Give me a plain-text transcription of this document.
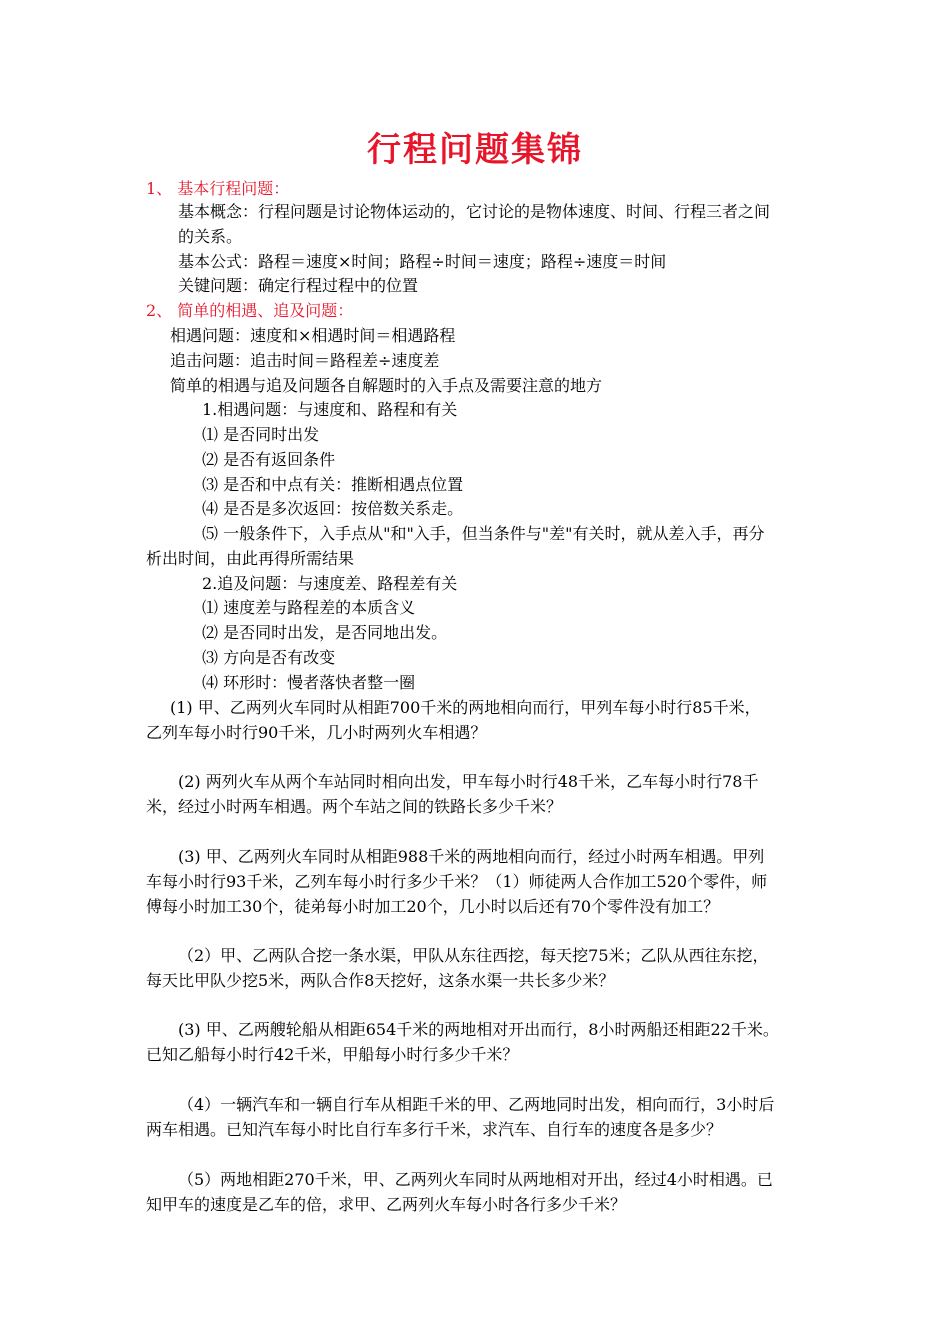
行程问题集锦
1、 基本行程问题：
基本概念：行程问题是讨论物体运动的，它讨论的是物体速度、时间、行程三者之间
的关系。
基本公式：路程＝速度×时间；路程÷时间＝速度；路程÷速度＝时间
关键问题：确定行程过程中的位置
2、 简单的相遇、追及问题：
相遇问题：速度和×相遇时间＝相遇路程
追击问题：追击时间＝路程差÷速度差
简单的相遇与追及问题各自解题时的入手点及需要注意的地方
1.相遇问题：与速度和、路程和有关
⑴ 是否同时出发
⑵ 是否有返回条件
⑶ 是否和中点有关：推断相遇点位置
⑷ 是否是多次返回：按倍数关系走。
⑸ 一般条件下，入手点从"和"入手，但当条件与"差"有关时，就从差入手，再分
析出时间，由此再得所需结果
2.追及问题：与速度差、路程差有关
⑴ 速度差与路程差的本质含义
⑵ 是否同时出发，是否同地出发。
⑶ 方向是否有改变
⑷ 环形时：慢者落快者整一圈
(1) 甲、乙两列火车同时从相距700千米的两地相向而行，甲列车每小时行85千米，
乙列车每小时行90千米，几小时两列火车相遇？
(2) 两列火车从两个车站同时相向出发，甲车每小时行48千米，乙车每小时行78千
米，经过小时两车相遇。两个车站之间的铁路长多少千米？
(3) 甲、乙两列火车同时从相距988千米的两地相向而行，经过小时两车相遇。甲列
车每小时行93千米，乙列车每小时行多少千米？（1）师徒两人合作加工520个零件，师
傅每小时加工30个，徒弟每小时加工20个，几小时以后还有70个零件没有加工？
（2）甲、乙两队合挖一条水渠，甲队从东往西挖，每天挖75米；乙队从西往东挖，
每天比甲队少挖5米，两队合作8天挖好，这条水渠一共长多少米？
(3) 甲、乙两艘轮船从相距654千米的两地相对开出而行，8小时两船还相距22千米。
已知乙船每小时行42千米，甲船每小时行多少千米？
（4）一辆汽车和一辆自行车从相距千米的甲、乙两地同时出发，相向而行，3小时后
两车相遇。已知汽车每小时比自行车多行千米，求汽车、自行车的速度各是多少？
（5）两地相距270千米，甲、乙两列火车同时从两地相对开出，经过4小时相遇。已
知甲车的速度是乙车的倍，求甲、乙两列火车每小时各行多少千米？
